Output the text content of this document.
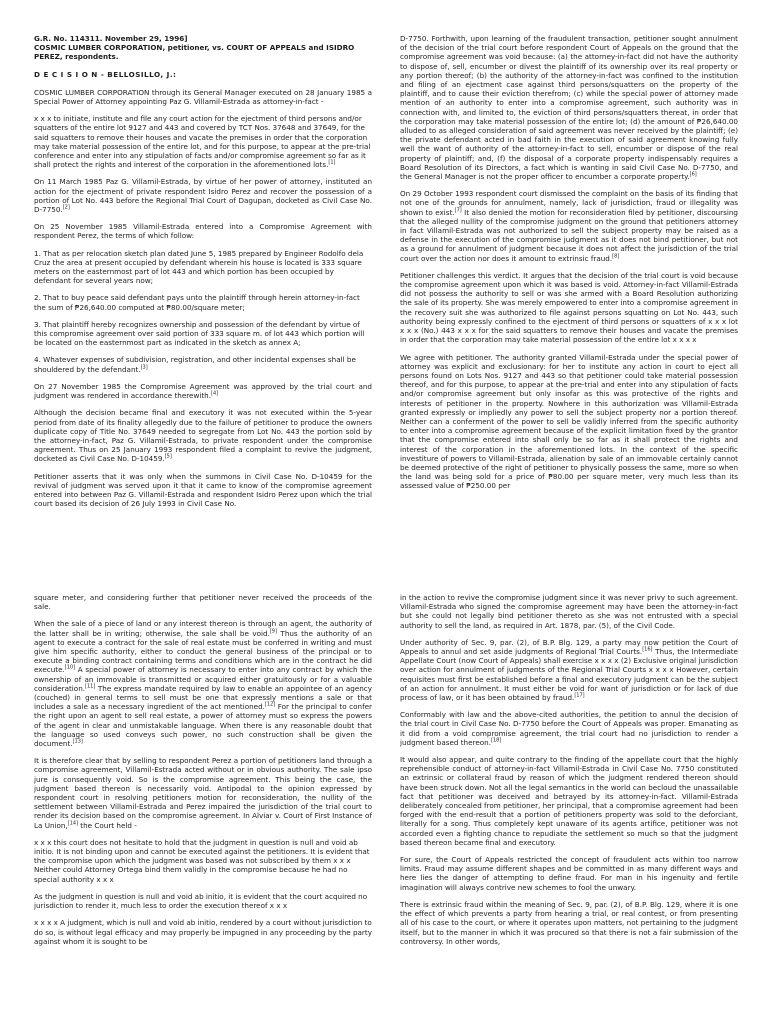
G.R. No. 114311. November 29, 1996]
COSMIC LUMBER CORPORATION, petitioner, vs. COURT OF APPEALS and ISIDRO PEREZ, respondents.

D E C I S I O N - BELLOSILLO, J.:

COSMIC LUMBER CORPORATION through its General Manager executed on 28 January 1985 a Special Power of Attorney appointing Paz G. Villamil-Estrada as attorney-in-fact -

x x x to initiate, institute and file any court action for the ejectment of third persons and/or squatters of the entire lot 9127 and 443 and covered by TCT Nos. 37648 and 37649, for the said squatters to remove their houses and vacate the premises in order that the corporation may take material possession of the entire lot, and for this purpose, to appear at the pre-trial conference and enter into any stipulation of facts and/or compromise agreement so far as it shall protect the rights and interest of the corporation in the aforementioned lots.[1]

On 11 March 1985 Paz G. Villamil-Estrada, by virtue of her power of attorney, instituted an action for the ejectment of private respondent Isidro Perez and recover the possession of a portion of Lot No. 443 before the Regional Trial Court of Dagupan, docketed as Civil Case No. D-7750.[2]

On 25 November 1985 Villamil-Estrada entered into a Compromise Agreement with respondent Perez, the terms of which follow:

1. That as per relocation sketch plan dated June 5, 1985 prepared by Engineer Rodolfo dela Cruz the area at present occupied by defendant wherein his house is located is 333 square meters on the easternmost part of lot 443 and which portion has been occupied by defendant for several years now;

2. That to buy peace said defendant pays unto the plaintiff through herein attorney-in-fact the sum of ₱26,640.00 computed at ₱80.00/square meter;

3. That plaintiff hereby recognizes ownership and possession of the defendant by virtue of this compromise agreement over said portion of 333 square m. of lot 443 which portion will be located on the easternmost part as indicated in the sketch as annex A;

4. Whatever expenses of subdivision, registration, and other incidental expenses shall be shouldered by the defendant.[3]

On 27 November 1985 the Compromise Agreement was approved by the trial court and judgment was rendered in accordance therewith.[4]

Although the decision became final and executory it was not executed within the 5-year period from date of its finality allegedly due to the failure of petitioner to produce the owners duplicate copy of Title No. 37649 needed to segregate from Lot No. 443 the portion sold by the attorney-in-fact, Paz G. Villamil-Estrada, to private respondent under the compromise agreement. Thus on 25 January 1993 respondent filed a complaint to revive the judgment, docketed as Civil Case No. D-10459.[5]

Petitioner asserts that it was only when the summons in Civil Case No. D-10459 for the revival of judgment was served upon it that it came to know of the compromise agreement entered into between Paz G. Villamil-Estrada and respondent Isidro Perez upon which the trial court based its decision of 26 July 1993 in Civil Case No.

D-7750. Forthwith, upon learning of the fraudulent transaction, petitioner sought annulment of the decision of the trial court before respondent Court of Appeals on the ground that the compromise agreement was void because: (a) the attorney-in-fact did not have the authority to dispose of, sell, encumber or divest the plaintiff of its ownership over its real property or any portion thereof; (b) the authority of the attorney-in-fact was confined to the institution and filing of an ejectment case against third persons/squatters on the property of the plaintiff, and to cause their eviction therefrom; (c) while the special power of attorney made mention of an authority to enter into a compromise agreement, such authority was in connection with, and limited to, the eviction of third persons/squatters thereat, in order that the corporation may take material possession of the entire lot; (d) the amount of ₱26,640.00 alluded to as alleged consideration of said agreement was never received by the plaintiff; (e) the private defendant acted in bad faith in the execution of said agreement knowing fully well the want of authority of the attorney-in-fact to sell, encumber or dispose of the real property of plaintiff; and, (f) the disposal of a corporate property indispensably requires a Board Resolution of its Directors, a fact which is wanting in said Civil Case No. D-7750, and the General Manager is not the proper officer to encumber a corporate property.[6]

On 29 October 1993 respondent court dismissed the complaint on the basis of its finding that not one of the grounds for annulment, namely, lack of jurisdiction, fraud or illegality was shown to exist.[7] It also denied the motion for reconsideration filed by petitioner, discoursing that the alleged nullity of the compromise judgment on the ground that petitioners attorney in fact Villamil-Estrada was not authorized to sell the subject property may be raised as a defense in the execution of the compromise judgment as it does not bind petitioner, but not as a ground for annulment of judgment because it does not affect the jurisdiction of the trial court over the action nor does it amount to extrinsic fraud.[8]

Petitioner challenges this verdict. It argues that the decision of the trial court is void because the compromise agreement upon which it was based is void. Attorney-in-fact Villamil-Estrada did not possess the authority to sell or was she armed with a Board Resolution authorizing the sale of its property. She was merely empowered to enter into a compromise agreement in the recovery suit she was authorized to file against persons squatting on Lot No. 443, such authority being expressly confined to the ejectment of third persons or squatters of x x x lot x x x (No.) 443 x x x for the said squatters to remove their houses and vacate the premises in order that the corporation may take material possession of the entire lot x x x x

We agree with petitioner. The authority granted Villamil-Estrada under the special power of attorney was explicit and exclusionary: for her to institute any action in court to eject all persons found on Lots Nos. 9127 and 443 so that petitioner could take material possession thereof, and for this purpose, to appear at the pre-trial and enter into any stipulation of facts and/or compromise agreement but only insofar as this was protective of the rights and interests of petitioner in the property. Nowhere in this authorization was Villamil-Estrada granted expressly or impliedly any power to sell the subject property nor a portion thereof. Neither can a conferment of the power to sell be validly inferred from the specific authority to enter into a compromise agreement because of the explicit limitation fixed by the grantor that the compromise entered into shall only be so far as it shall protect the rights and interest of the corporation in the aforementioned lots. In the context of the specific investiture of powers to Villamil-Estrada, alienation by sale of an immovable certainly cannot be deemed protective of the right of petitioner to physically possess the same, more so when the land was being sold for a price of ₱80.00 per square meter, very much less than its assessed value of ₱250.00 per

square meter, and considering further that petitioner never received the proceeds of the sale.

When the sale of a piece of land or any interest thereon is through an agent, the authority of the latter shall be in writing; otherwise, the sale shall be void.[9] Thus the authority of an agent to execute a contract for the sale of real estate must be conferred in writing and must give him specific authority, either to conduct the general business of the principal or to execute a binding contract containing terms and conditions which are in the contract he did execute.[10] A special power of attorney is necessary to enter into any contract by which the ownership of an immovable is transmitted or acquired either gratuitously or for a valuable consideration.[11] The express mandate required by law to enable an appointee of an agency (couched) in general terms to sell must be one that expressly mentions a sale or that includes a sale as a necessary ingredient of the act mentioned.[12] For the principal to confer the right upon an agent to sell real estate, a power of attorney must so express the powers of the agent in clear and unmistakable language. When there is any reasonable doubt that the language so used conveys such power, no such construction shall be given the document.[13]

It is therefore clear that by selling to respondent Perez a portion of petitioners land through a compromise agreement, Villamil-Estrada acted without or in obvious authority. The sale ipso jure is consequently void. So is the compromise agreement. This being the case, the judgment based thereon is necessarily void. Antipodal to the opinion expressed by respondent court in resolving petitioners motion for reconsideration, the nullity of the settlement between Villamil-Estrada and Perez impaired the jurisdiction of the trial court to render its decision based on the compromise agreement. In Alviar v. Court of First Instance of La Union,[14] the Court held -

x x x this court does not hesitate to hold that the judgment in question is null and void ab initio. It is not binding upon and cannot be executed against the petitioners. It is evident that the compromise upon which the judgment was based was not subscribed by them x x x Neither could Attorney Ortega bind them validly in the compromise because he had no special authority x x x

As the judgment in question is null and void ab initio, it is evident that the court acquired no jurisdiction to render it, much less to order the execution thereof x x x

x x x x A judgment, which is null and void ab initio, rendered by a court without jurisdiction to do so, is without legal efficacy and may properly be impugned in any proceeding by the party against whom it is sought to be

in the action to revive the compromise judgment since it was never privy to such agreement. Villamil-Estrada who signed the compromise agreement may have been the attorney-in-fact but she could not legally bind petitioner thereto as she was not entrusted with a special authority to sell the land, as required in Art. 1878, par. (5), of the Civil Code.

Under authority of Sec. 9, par. (2), of B.P. Blg. 129, a party may now petition the Court of Appeals to annul and set aside judgments of Regional Trial Courts.[16] Thus, the Intermediate Appellate Court (now Court of Appeals) shall exercise x x x x (2) Exclusive original jurisdiction over action for annulment of judgments of the Regional Trial Courts x x x x However, certain requisites must first be established before a final and executory judgment can be the subject of an action for annulment. It must either be void for want of jurisdiction or for lack of due process of law, or it has been obtained by fraud.[17]

Conformably with law and the above-cited authorities, the petition to annul the decision of the trial court in Civil Case No. D-7750 before the Court of Appeals was proper. Emanating as it did from a void compromise agreement, the trial court had no jurisdiction to render a judgment based thereon.[18]

It would also appear, and quite contrary to the finding of the appellate court that the highly reprehensible conduct of attorney-in-fact Villamil-Estrada in Civil Case No. 7750 constituted an extrinsic or collateral fraud by reason of which the judgment rendered thereon should have been struck down. Not all the legal semantics in the world can becloud the unassailable fact that petitioner was deceived and betrayed by its attorney-in-fact. Villamil-Estrada deliberately concealed from petitioner, her principal, that a compromise agreement had been forged with the end-result that a portion of petitioners property was sold to the deforciant, literally for a song. Thus completely kept unaware of its agents artifice, petitioner was not accorded even a fighting chance to repudiate the settlement so much so that the judgment based thereon became final and executory.

For sure, the Court of Appeals restricted the concept of fraudulent acts within too narrow limits. Fraud may assume different shapes and be committed in as many different ways and here lies the danger of attempting to define fraud. For man in his ingenuity and fertile imagination will always contrive new schemes to fool the unwary.

There is extrinsic fraud within the meaning of Sec. 9, par. (2), of B.P. Blg. 129, where it is one the effect of which prevents a party from hearing a trial, or real contest, or from presenting all of his case to the court, or where it operates upon matters, not pertaining to the judgment itself, but to the manner in which it was procured so that there is not a fair submission of the controversy. In other words,
